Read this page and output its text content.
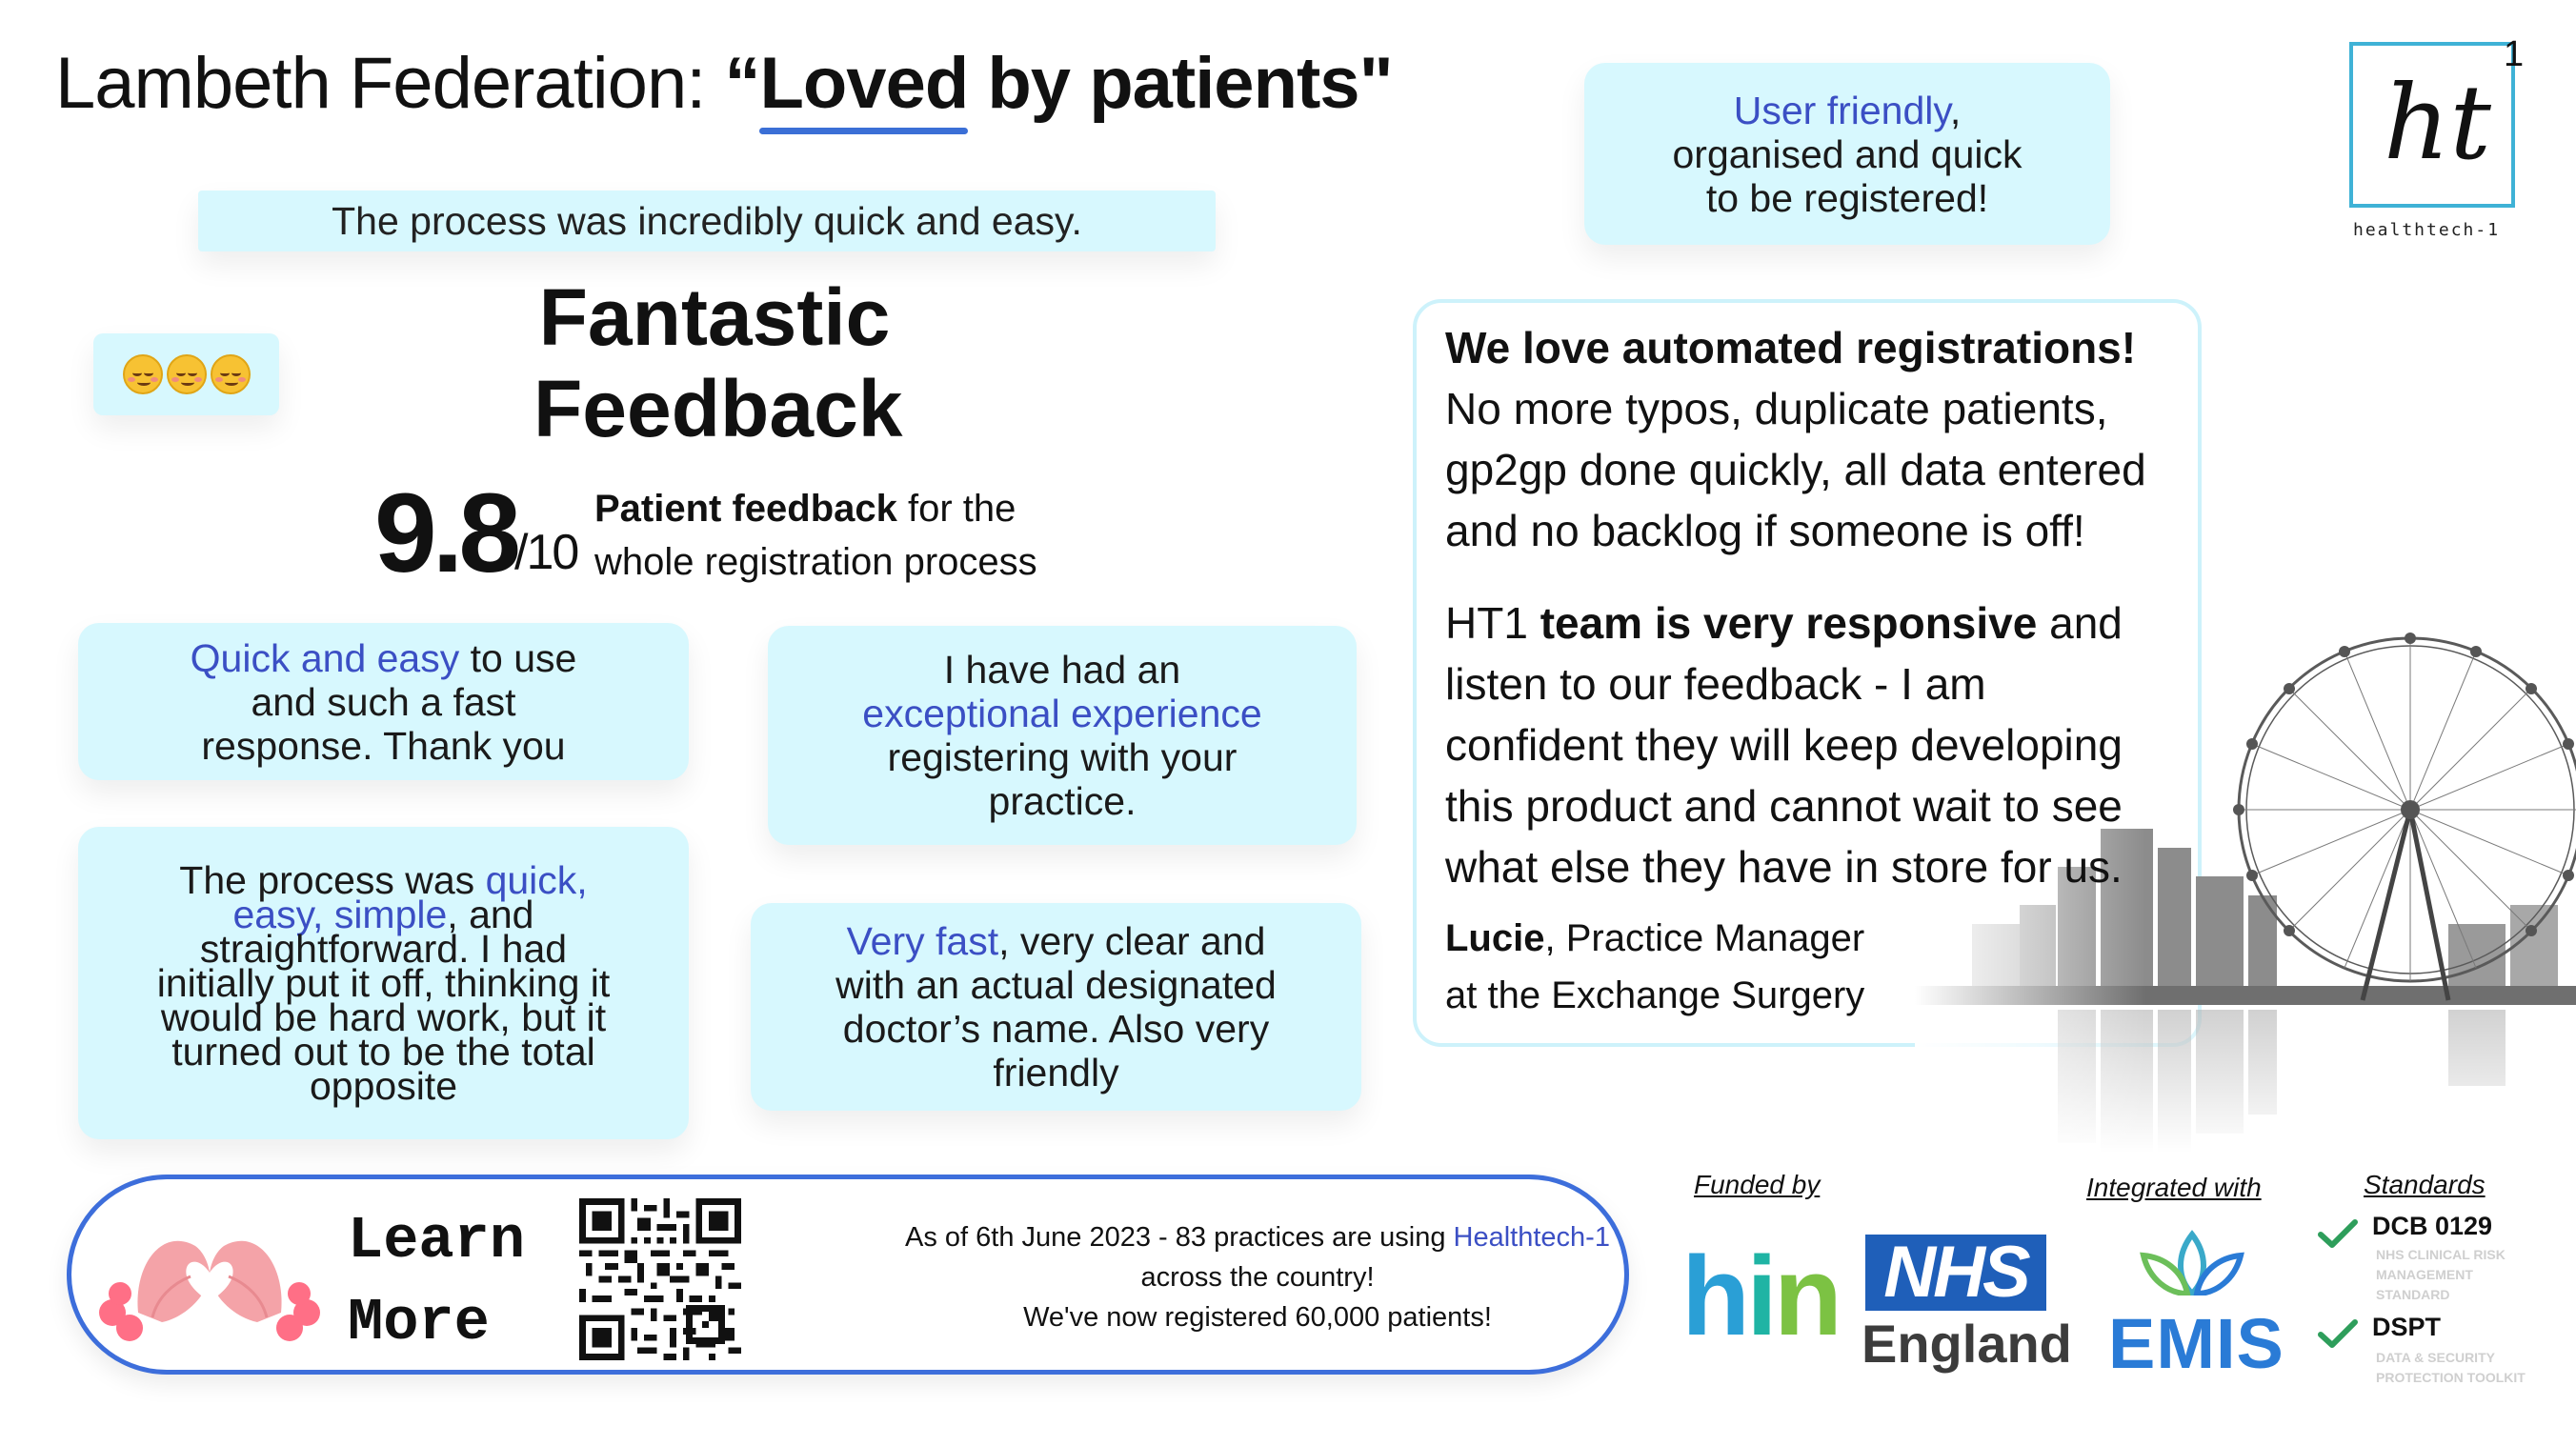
Lambeth Federation: “Loved
by patients"
The process was incredibly quick and easy.
Fantastic
Feedback
9.8
/10
Patient feedback for the
whole registration process
Quick and easy to use
and such a fast
response. Thank you
I have had an
exceptional experience
registering with your
practice.
The process was quick,
easy, simple, and
straightforward. I had
initially put it off, thinking it
would be hard work, but it
turned out to be the total
opposite
Very fast, very clear and
with an actual designated
doctor’s name. Also very
friendly
User friendly,
organised and quick
to be registered!
We love automated registrations!
No more typos, duplicate patients,
gp2gp done quickly, all data entered
and no backlog if someone is off!
HT1 team is very responsive and
listen to our feedback - I am
confident they will keep developing
this product and cannot wait to see
what else they have in store for us.
Lucie, Practice Manager
at the Exchange Surgery
ht
1
healthtech-1
Learn
More
As of 6th June 2023 - 83 practices are using Healthtech-1
across the country!
We've now registered 60,000 patients!
Funded by	Integrated with	Standards
hin NHS
England EMIS
DCB 0129
NHS CLINICAL RISK
MANAGEMENT
STANDARD
DSPT
DATA & SECURITY
PROTECTION TOOLKIT
